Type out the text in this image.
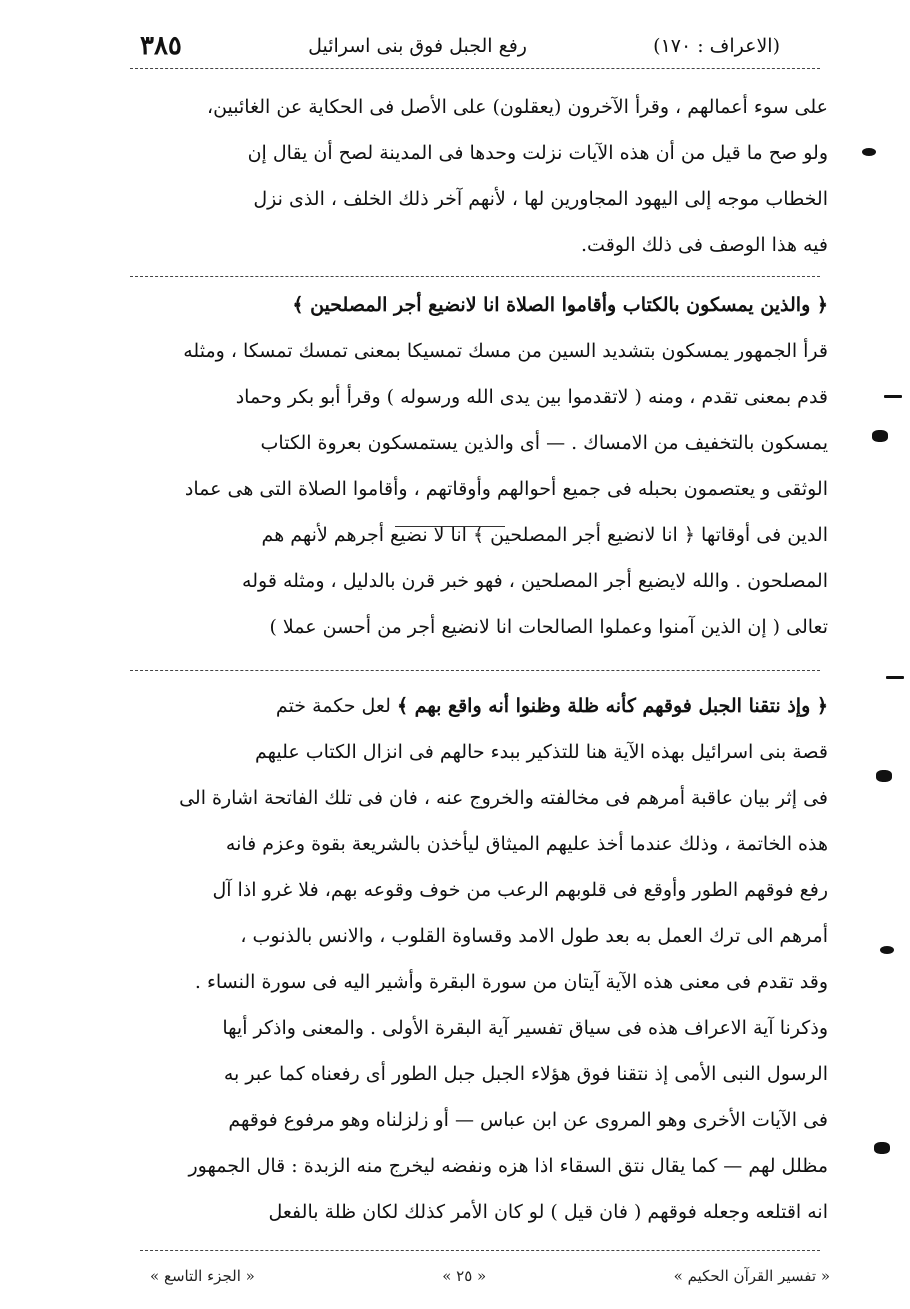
(الاعراف : ١٧٠)
رفع الجبل فوق بنى اسرائيل
٣٨٥

على سوء أعمالهم ، وقرأ الآخرون (يعقلون) على الأصل فى الحكاية عن الغائبين،

ولو صح ما قيل من أن هذه الآيات نزلت وحدها فى المدينة لصح أن يقال إن

الخطاب موجه إلى اليهود المجاورين لها ، لأنهم آخر ذلك الخلف ، الذى نزل

فيه هذا الوصف فى ذلك الوقت.

﴿ والذين يمسكون بالكتاب وأقاموا الصلاة انا لانضيع أجر المصلحين ﴾

قرأ الجمهور يمسكون بتشديد السين من مسك تمسيكا بمعنى تمسك تمسكا ، ومثله

قدم بمعنى تقدم ، ومنه ( لاتقدموا بين يدى الله ورسوله ) وقرأ أبو بكر وحماد

يمسكون بالتخفيف من الامساك . — أى والذين يستمسكون بعروة الكتاب

الوثقى و يعتصمون بحبله فى جميع أحوالهم وأوقاتهم ، وأقاموا الصلاة التى هى عماد

الدين فى أوقاتها ﴿ انا لانضيع أجر المصلحين ﴾ انا لا نضيع أجرهم لأنهم هم

المصلحون . والله لايضيع أجر المصلحين ، فهو خبر قرن بالدليل ، ومثله قوله

تعالى ( إن الذين آمنوا وعملوا الصالحات انا لانضيع أجر من أحسن عملا )

﴿ وإذ نتقنا الجبل فوقهم كأنه ظلة وظنوا أنه واقع بهم ﴾ لعل حكمة ختم

قصة بنى اسرائيل بهذه الآية هنا للتذكير ببدء حالهم فى انزال الكتاب عليهم

فى إثر بيان عاقبة أمرهم فى مخالفته والخروج عنه ، فان فى تلك الفاتحة اشارة الى

هذه الخاتمة ، وذلك عندما أخذ عليهم الميثاق ليأخذن بالشريعة بقوة وعزم فانه

رفع فوقهم الطور وأوقع فى قلوبهم الرعب من خوف وقوعه بهم، فلا غرو اذا آل

أمرهم الى ترك العمل به بعد طول الامد وقساوة القلوب ، والانس بالذنوب ،

وقد تقدم فى معنى هذه الآية آيتان من سورة البقرة وأشير اليه فى سورة النساء .

وذكرنا آية الاعراف هذه فى سياق تفسير آية البقرة الأولى . والمعنى واذكر أيها

الرسول النبى الأمى إذ نتقنا فوق هؤلاء الجبل جبل الطور أى رفعناه كما عبر به

فى الآيات الأخرى وهو المروى عن ابن عباس — أو زلزلناه وهو مرفوع فوقهم

مظلل لهم — كما يقال نتق السقاء اذا هزه ونفضه ليخرج منه الزبدة : قال الجمهور

انه اقتلعه وجعله فوقهم ( فان قيل ) لو كان الأمر كذلك لكان ظلة بالفعل

« تفسير القرآن الحكيم »
« ٢٥ »
« الجزء التاسع »
